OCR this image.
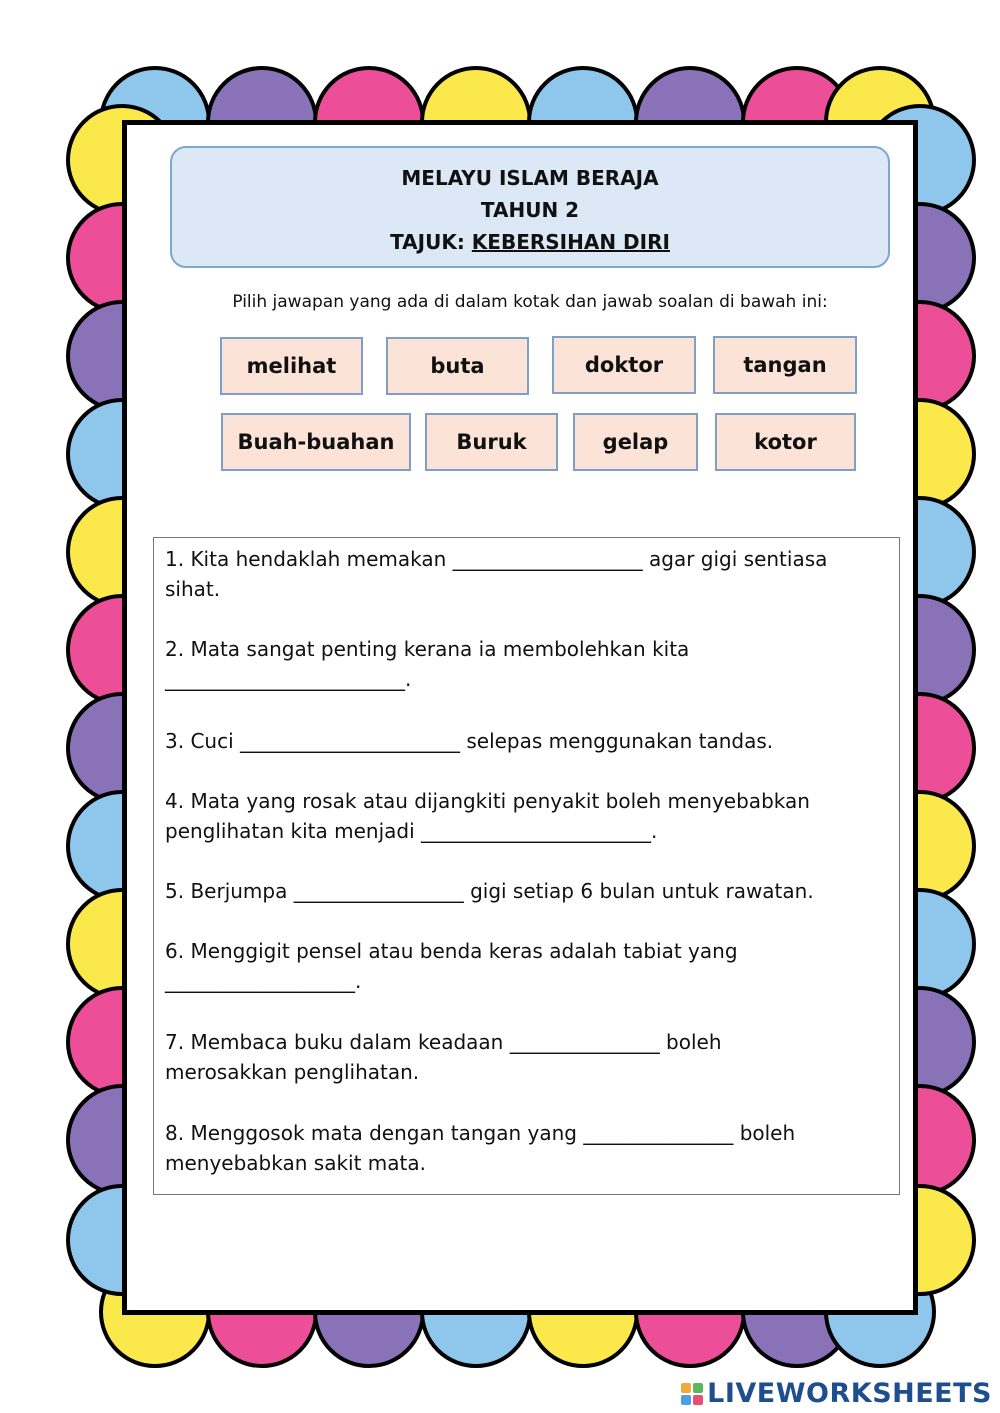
MELAYU ISLAM BERAJA
TAHUN 2
TAJUK: KEBERSIHAN DIRI
Pilih jawapan yang ada di dalam kotak dan jawab soalan di bawah ini:
melihat	buta	doktor	tangan
Buah-buahan	Buruk	gelap	kotor
1. Kita hendaklah memakan ___________________ agar gigi sentiasa
sihat.
2. Mata sangat penting kerana ia membolehkan kita
________________________.
3. Cuci ______________________ selepas menggunakan tandas.
4. Mata yang rosak atau dijangkiti penyakit boleh menyebabkan
penglihatan kita menjadi _______________________.
5. Berjumpa _________________ gigi setiap 6 bulan untuk rawatan.
6. Menggigit pensel atau benda keras adalah tabiat yang
___________________.
7. Membaca buku dalam keadaan _______________ boleh
merosakkan penglihatan.
8. Menggosok mata dengan tangan yang _______________ boleh
menyebabkan sakit mata.
LIVEWORKSHEETS
